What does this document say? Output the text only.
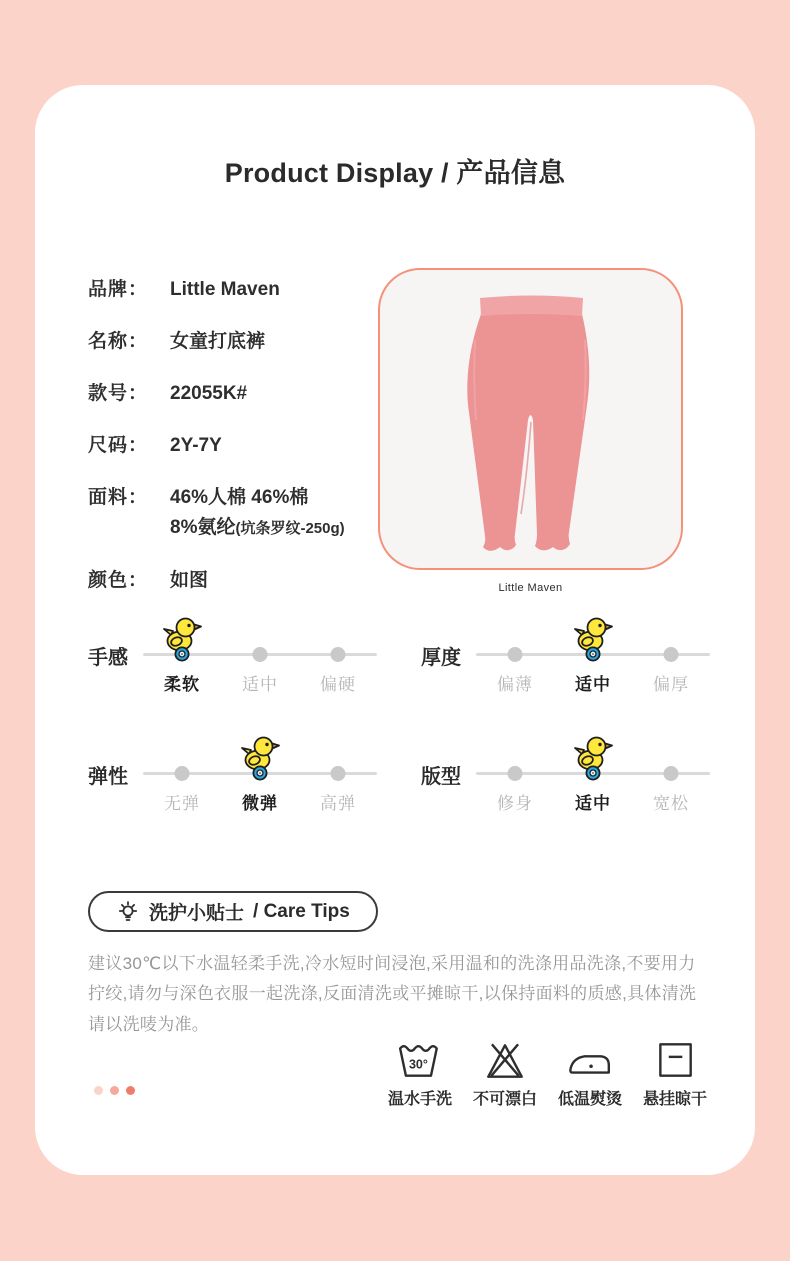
Product Display / 产品信息
品牌：	Little Maven
名称：	女童打底裤
款号：	22055K#
尺码：	2Y-7Y
面料：	46%人棉 46%棉
8%氨纶(坑条罗纹-250g)
颜色：	如图	Little Maven
手感
柔软 适中 偏硬
厚度
偏薄 适中 偏厚
弹性
无弹 微弹 高弹
版型
修身 适中 宽松
洗护小贴士 / Care Tips
建议30℃以下水温轻柔手洗,冷水短时间浸泡,采用温和的洗涤用品洗涤,不要用力拧绞,请勿与深色衣服一起洗涤,反面清洗或平摊晾干,以保持面料的质感,具体清洗请以洗唛为准。
30°
温水手洗 不可漂白 低温熨烫 悬挂晾干
